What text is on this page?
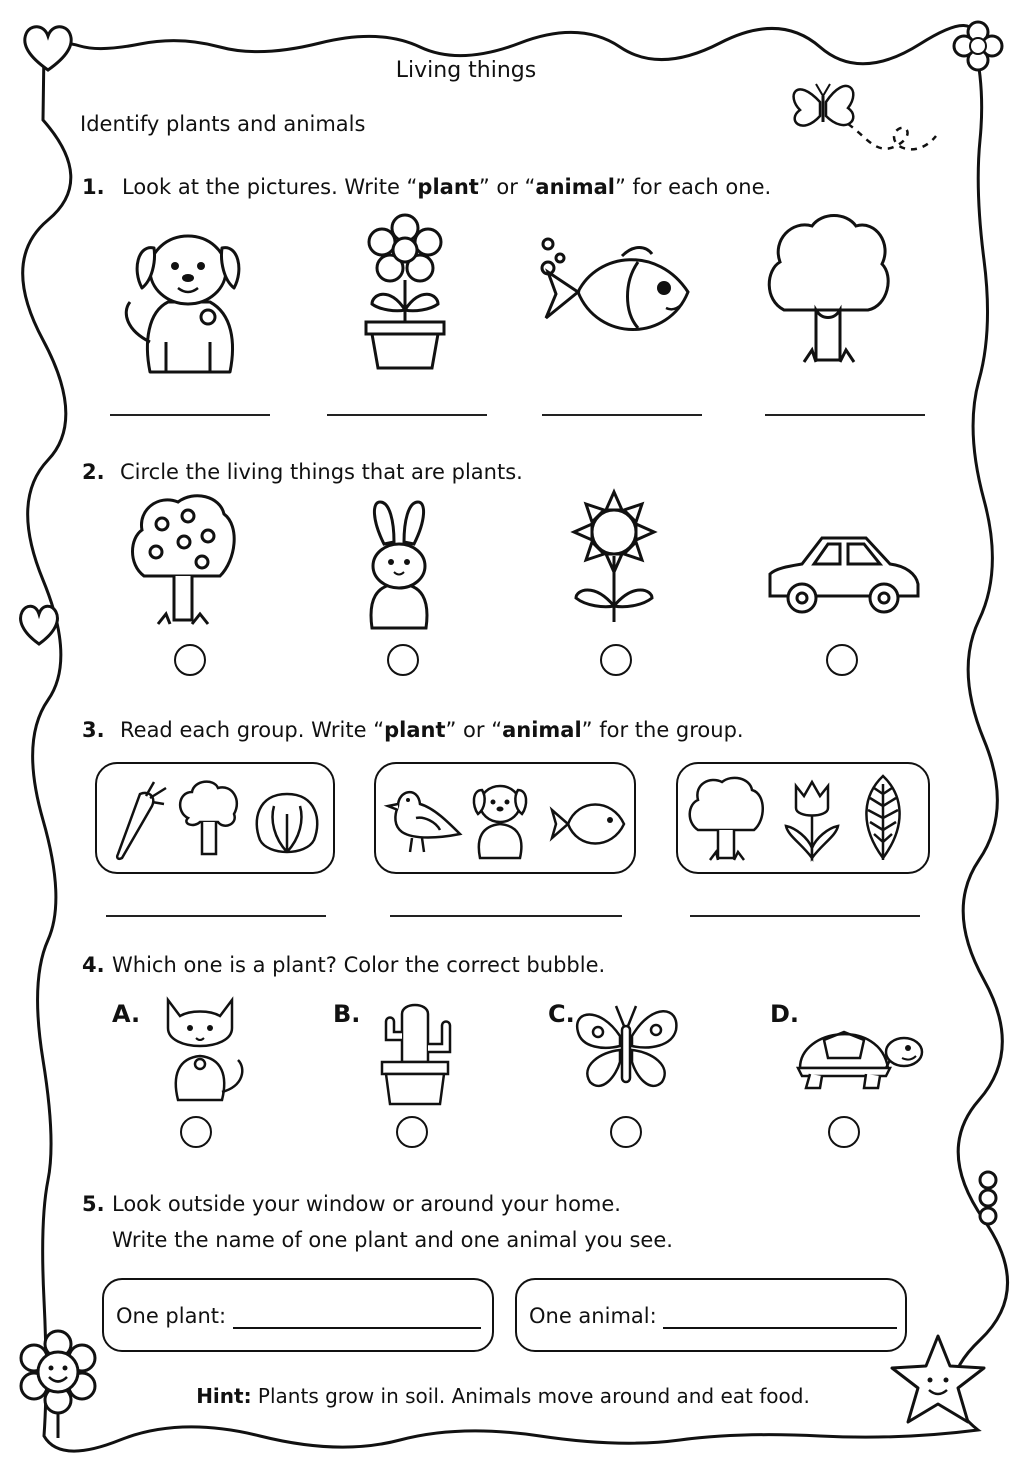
Living things
Identify plants and animals
1. Look at the pictures. Write “plant” or “animal” for each one.
2. Circle the living things that are plants.
3. Read each group. Write “plant” or “animal” for the group.
4. Which one is a plant? Color the correct bubble.
A.	B.	C.	D.
5. Look outside your window or around your home.
Write the name of one plant and one animal you see.
One plant:	One animal:
Hint: Plants grow in soil. Animals move around and eat food.
